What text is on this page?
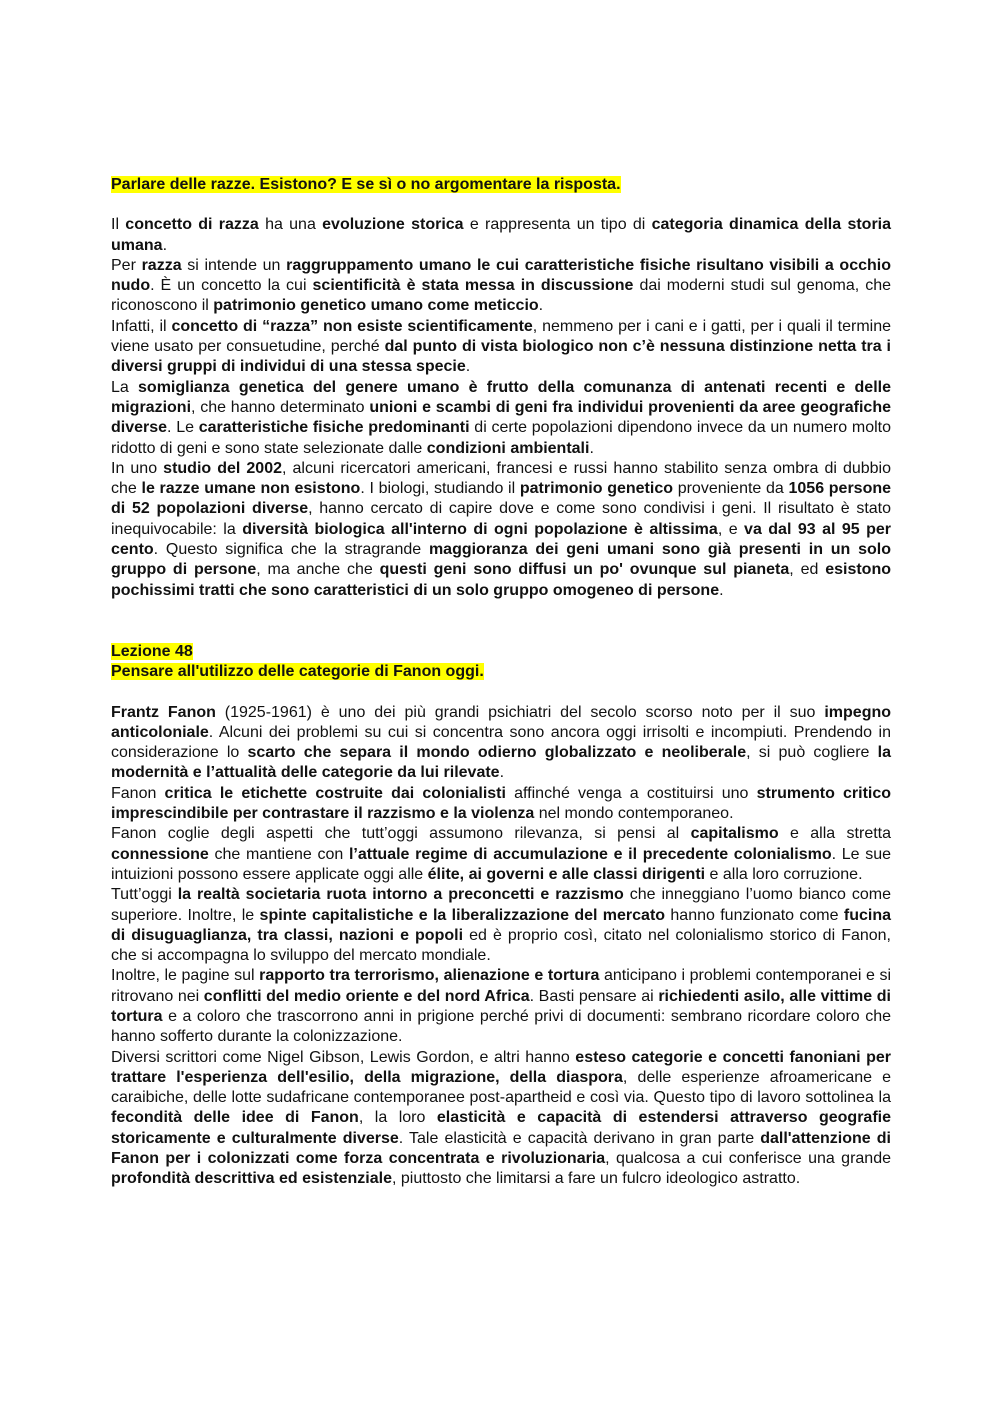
Parlare delle razze. Esistono? E se sì o no argomentare la risposta.

Il concetto di razza ha una evoluzione storica e rappresenta un tipo di categoria dinamica della storia umana.

Per razza si intende un raggruppamento umano le cui caratteristiche fisiche risultano visibili a occhio nudo. È un concetto la cui scientificità è stata messa in discussione dai moderni studi sul genoma, che riconoscono il patrimonio genetico umano come meticcio.

Infatti, il concetto di “razza” non esiste scientificamente, nemmeno per i cani e i gatti, per i quali il termine viene usato per consuetudine, perché dal punto di vista biologico non c’è nessuna distinzione netta tra i diversi gruppi di individui di una stessa specie.

La somiglianza genetica del genere umano è frutto della comunanza di antenati recenti e delle migrazioni, che hanno determinato unioni e scambi di geni fra individui provenienti da aree geografiche diverse. Le caratteristiche fisiche predominanti di certe popolazioni dipendono invece da un numero molto ridotto di geni e sono state selezionate dalle condizioni ambientali.

In uno studio del 2002, alcuni ricercatori americani, francesi e russi hanno stabilito senza ombra di dubbio che le razze umane non esistono. I biologi, studiando il patrimonio genetico proveniente da 1056 persone di 52 popolazioni diverse, hanno cercato di capire dove e come sono condivisi i geni. Il risultato è stato inequivocabile: la diversità biologica all'interno di ogni popolazione è altissima, e va dal 93 al 95 per cento. Questo significa che la stragrande maggioranza dei geni umani sono già presenti in un solo gruppo di persone, ma anche che questi geni sono diffusi un po' ovunque sul pianeta, ed esistono pochissimi tratti che sono caratteristici di un solo gruppo omogeneo di persone.

Lezione 48

Pensare all'utilizzo delle categorie di Fanon oggi.

Frantz Fanon (1925-1961) è uno dei più grandi psichiatri del secolo scorso noto per il suo impegno anticoloniale. Alcuni dei problemi su cui si concentra sono ancora oggi irrisolti e incompiuti. Prendendo in considerazione lo scarto che separa il mondo odierno globalizzato e neoliberale, si può cogliere la modernità e l’attualità delle categorie da lui rilevate.

Fanon critica le etichette costruite dai colonialisti affinché venga a costituirsi uno strumento critico imprescindibile per contrastare il razzismo e la violenza nel mondo contemporaneo.

Fanon coglie degli aspetti che tutt’oggi assumono rilevanza, si pensi al capitalismo e alla stretta connessione che mantiene con l’attuale regime di accumulazione e il precedente colonialismo. Le sue intuizioni possono essere applicate oggi alle élite, ai governi e alle classi dirigenti e alla loro corruzione.

Tutt’oggi la realtà societaria ruota intorno a preconcetti e razzismo che inneggiano l’uomo bianco come superiore. Inoltre, le spinte capitalistiche e la liberalizzazione del mercato hanno funzionato come fucina di disuguaglianza, tra classi, nazioni e popoli ed è proprio così, citato nel colonialismo storico di Fanon, che si accompagna lo sviluppo del mercato mondiale.

Inoltre, le pagine sul rapporto tra terrorismo, alienazione e tortura anticipano i problemi contemporanei e si ritrovano nei conflitti del medio oriente e del nord Africa. Basti pensare ai richiedenti asilo, alle vittime di tortura e a coloro che trascorrono anni in prigione perché privi di documenti: sembrano ricordare coloro che hanno sofferto durante la colonizzazione.

Diversi scrittori come Nigel Gibson, Lewis Gordon, e altri hanno esteso categorie e concetti fanoniani per trattare l'esperienza dell'esilio, della migrazione, della diaspora, delle esperienze afroamericane e caraibiche, delle lotte sudafricane contemporanee post-apartheid e così via. Questo tipo di lavoro sottolinea la fecondità delle idee di Fanon, la loro elasticità e capacità di estendersi attraverso geografie storicamente e culturalmente diverse. Tale elasticità e capacità derivano in gran parte dall'attenzione di Fanon per i colonizzati come forza concentrata e rivoluzionaria, qualcosa a cui conferisce una grande profondità descrittiva ed esistenziale, piuttosto che limitarsi a fare un fulcro ideologico astratto.
